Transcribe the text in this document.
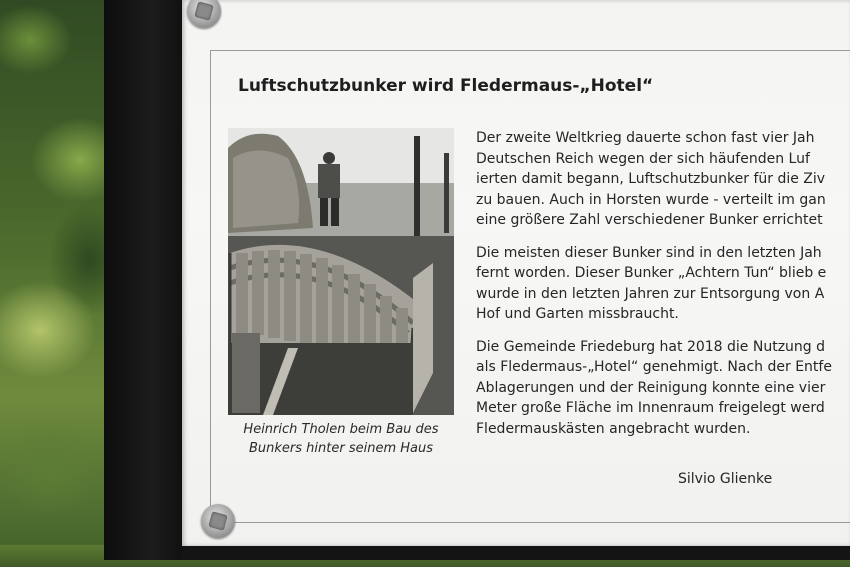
Luftschutzbunker wird Fledermaus-„Hotel“
Heinrich Tholen beim Bau des
Bunkers hinter seinem Haus

Der zweite Weltkrieg dauerte schon fast vier Jah
Deutschen Reich wegen der sich häufenden Luf
ierten damit begann, Luftschutzbunker für die Ziv
zu bauen. Auch in Horsten wurde - verteilt im gan
eine größere Zahl verschiedener Bunker errichtet

Die meisten dieser Bunker sind in den letzten Jah
fernt worden. Dieser Bunker „Achtern Tun“ blieb e
wurde in den letzten Jahren zur Entsorgung von A
Hof und Garten missbraucht.

Die Gemeinde Friedeburg hat 2018 die Nutzung d
als Fledermaus-„Hotel“ genehmigt. Nach der Entfe
Ablagerungen und der Reinigung konnte eine vier
Meter große Fläche im Innenraum freigelegt werd
Fledermauskästen angebracht wurden.

Silvio Glienke
